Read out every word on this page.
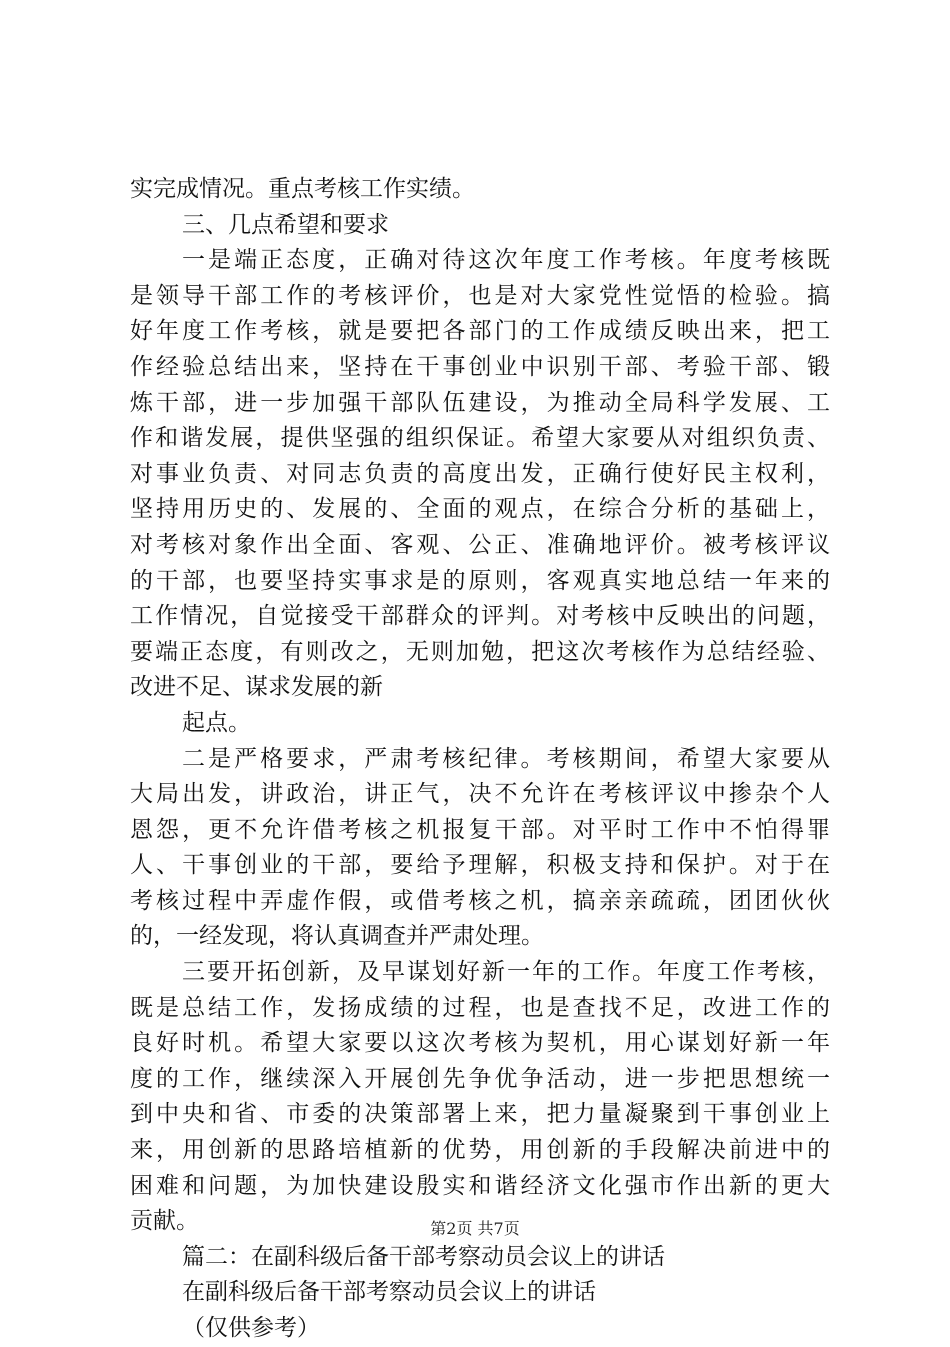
实完成情况。重点考核工作实绩。
三、几点希望和要求
一是端正态度，正确对待这次年度工作考核。年度考核既
是领导干部工作的考核评价，也是对大家党性觉悟的检验。搞
好年度工作考核，就是要把各部门的工作成绩反映出来，把工
作经验总结出来，坚持在干事创业中识别干部、考验干部、锻
炼干部，进一步加强干部队伍建设，为推动全局科学发展、工
作和谐发展，提供坚强的组织保证。希望大家要从对组织负责、
对事业负责、对同志负责的高度出发，正确行使好民主权利，
坚持用历史的、发展的、全面的观点，在综合分析的基础上，
对考核对象作出全面、客观、公正、准确地评价。被考核评议
的干部，也要坚持实事求是的原则，客观真实地总结一年来的
工作情况，自觉接受干部群众的评判。对考核中反映出的问题，
要端正态度，有则改之，无则加勉，把这次考核作为总结经验、
改进不足、谋求发展的新
起点。
二是严格要求，严肃考核纪律。考核期间，希望大家要从
大局出发，讲政治，讲正气，决不允许在考核评议中掺杂个人
恩怨，更不允许借考核之机报复干部。对平时工作中不怕得罪
人、干事创业的干部，要给予理解，积极支持和保护。对于在
考核过程中弄虚作假，或借考核之机，搞亲亲疏疏，团团伙伙
的，一经发现，将认真调查并严肃处理。
三要开拓创新，及早谋划好新一年的工作。年度工作考核，
既是总结工作，发扬成绩的过程，也是查找不足，改进工作的
良好时机。希望大家要以这次考核为契机，用心谋划好新一年
度的工作，继续深入开展创先争优争活动，进一步把思想统一
到中央和省、市委的决策部署上来，把力量凝聚到干事创业上
来，用创新的思路培植新的优势，用创新的手段解决前进中的
困难和问题，为加快建设殷实和谐经济文化强市作出新的更大
贡献。
篇二：在副科级后备干部考察动员会议上的讲话
在副科级后备干部考察动员会议上的讲话
（仅供参考）
第2页 共7页
